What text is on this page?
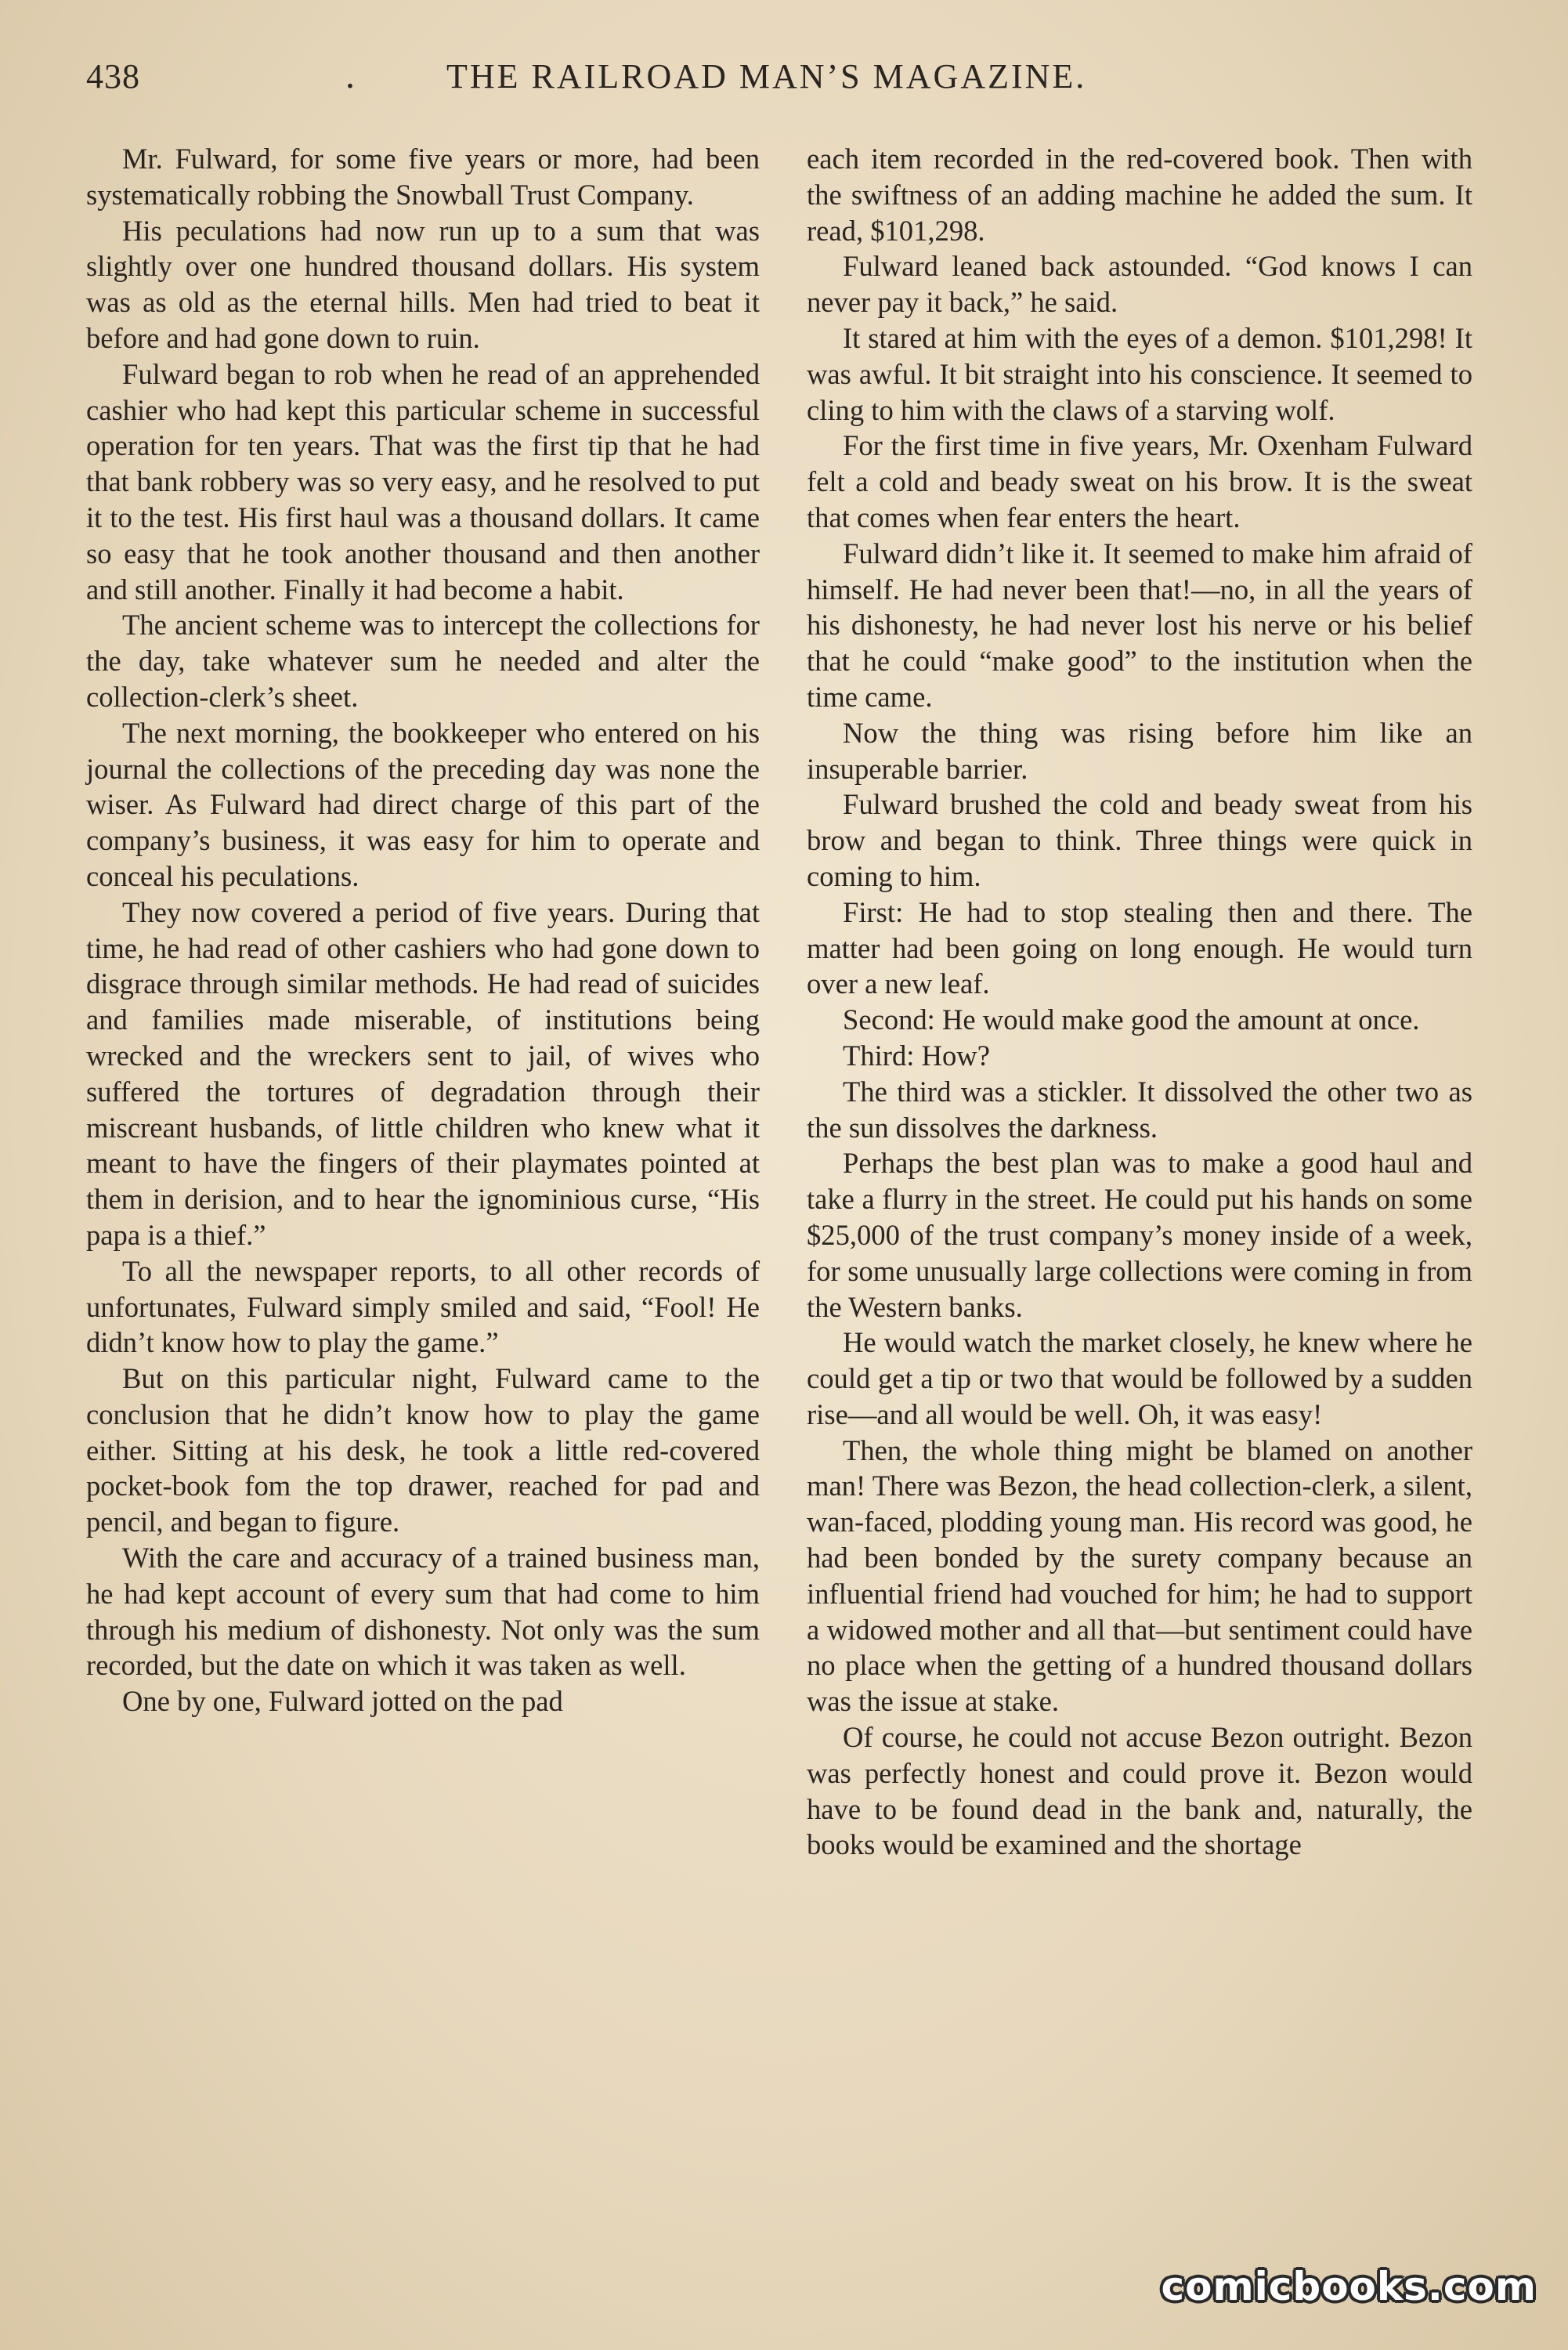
438	.	THE RAILROAD MAN’S MAGAZINE.

Mr. Fulward, for some five years or more, had been systematically robbing the Snowball Trust Company.

His peculations had now run up to a sum that was slightly over one hundred thousand dollars. His system was as old as the eternal hills. Men had tried to beat it before and had gone down to ruin.

Fulward began to rob when he read of an apprehended cashier who had kept this particular scheme in successful operation for ten years. That was the first tip that he had that bank robbery was so very easy, and he resolved to put it to the test. His first haul was a thousand dollars. It came so easy that he took another thousand and then another and still another. Finally it had become a habit.

The ancient scheme was to intercept the collections for the day, take whatever sum he needed and alter the collection-clerk’s sheet.

The next morning, the bookkeeper who entered on his journal the collections of the preceding day was none the wiser. As Fulward had direct charge of this part of the company’s business, it was easy for him to operate and conceal his peculations.

They now covered a period of five years. During that time, he had read of other cashiers who had gone down to disgrace through similar methods. He had read of suicides and families made miserable, of institutions being wrecked and the wreckers sent to jail, of wives who suffered the tortures of degradation through their miscreant husbands, of little children who knew what it meant to have the fingers of their playmates pointed at them in derision, and to hear the ignominious curse, “His papa is a thief.”

To all the newspaper reports, to all other records of unfortunates, Fulward simply smiled and said, “Fool! He didn’t know how to play the game.”

But on this particular night, Fulward came to the conclusion that he didn’t know how to play the game either. Sitting at his desk, he took a little red-covered pocket-book fom the top drawer, reached for pad and pencil, and began to figure.

With the care and accuracy of a trained business man, he had kept account of every sum that had come to him through his medium of dishonesty. Not only was the sum recorded, but the date on which it was taken as well.

One by one, Fulward jotted on the pad

each item recorded in the red-covered book. Then with the swiftness of an adding machine he added the sum. It read, $101,298.

Fulward leaned back astounded. “God knows I can never pay it back,” he said.

It stared at him with the eyes of a demon. $101,298! It was awful. It bit straight into his conscience. It seemed to cling to him with the claws of a starving wolf.

For the first time in five years, Mr. Oxenham Fulward felt a cold and beady sweat on his brow. It is the sweat that comes when fear enters the heart.

Fulward didn’t like it. It seemed to make him afraid of himself. He had never been that!—no, in all the years of his dishonesty, he had never lost his nerve or his belief that he could “make good” to the institution when the time came.

Now the thing was rising before him like an insuperable barrier.

Fulward brushed the cold and beady sweat from his brow and began to think. Three things were quick in coming to him.

First: He had to stop stealing then and there. The matter had been going on long enough. He would turn over a new leaf.

Second: He would make good the amount at once.

Third: How?

The third was a stickler. It dissolved the other two as the sun dissolves the darkness.

Perhaps the best plan was to make a good haul and take a flurry in the street. He could put his hands on some $25,000 of the trust company’s money inside of a week, for some unusually large collections were coming in from the Western banks.

He would watch the market closely, he knew where he could get a tip or two that would be followed by a sudden rise—and all would be well. Oh, it was easy!

Then, the whole thing might be blamed on another man! There was Bezon, the head collection-clerk, a silent, wan-faced, plodding young man. His record was good, he had been bonded by the surety company because an influential friend had vouched for him; he had to support a widowed mother and all that—but sentiment could have no place when the getting of a hundred thousand dollars was the issue at stake.

Of course, he could not accuse Bezon outright. Bezon was perfectly honest and could prove it. Bezon would have to be found dead in the bank and, naturally, the books would be examined and the shortage

comicbooks.com
